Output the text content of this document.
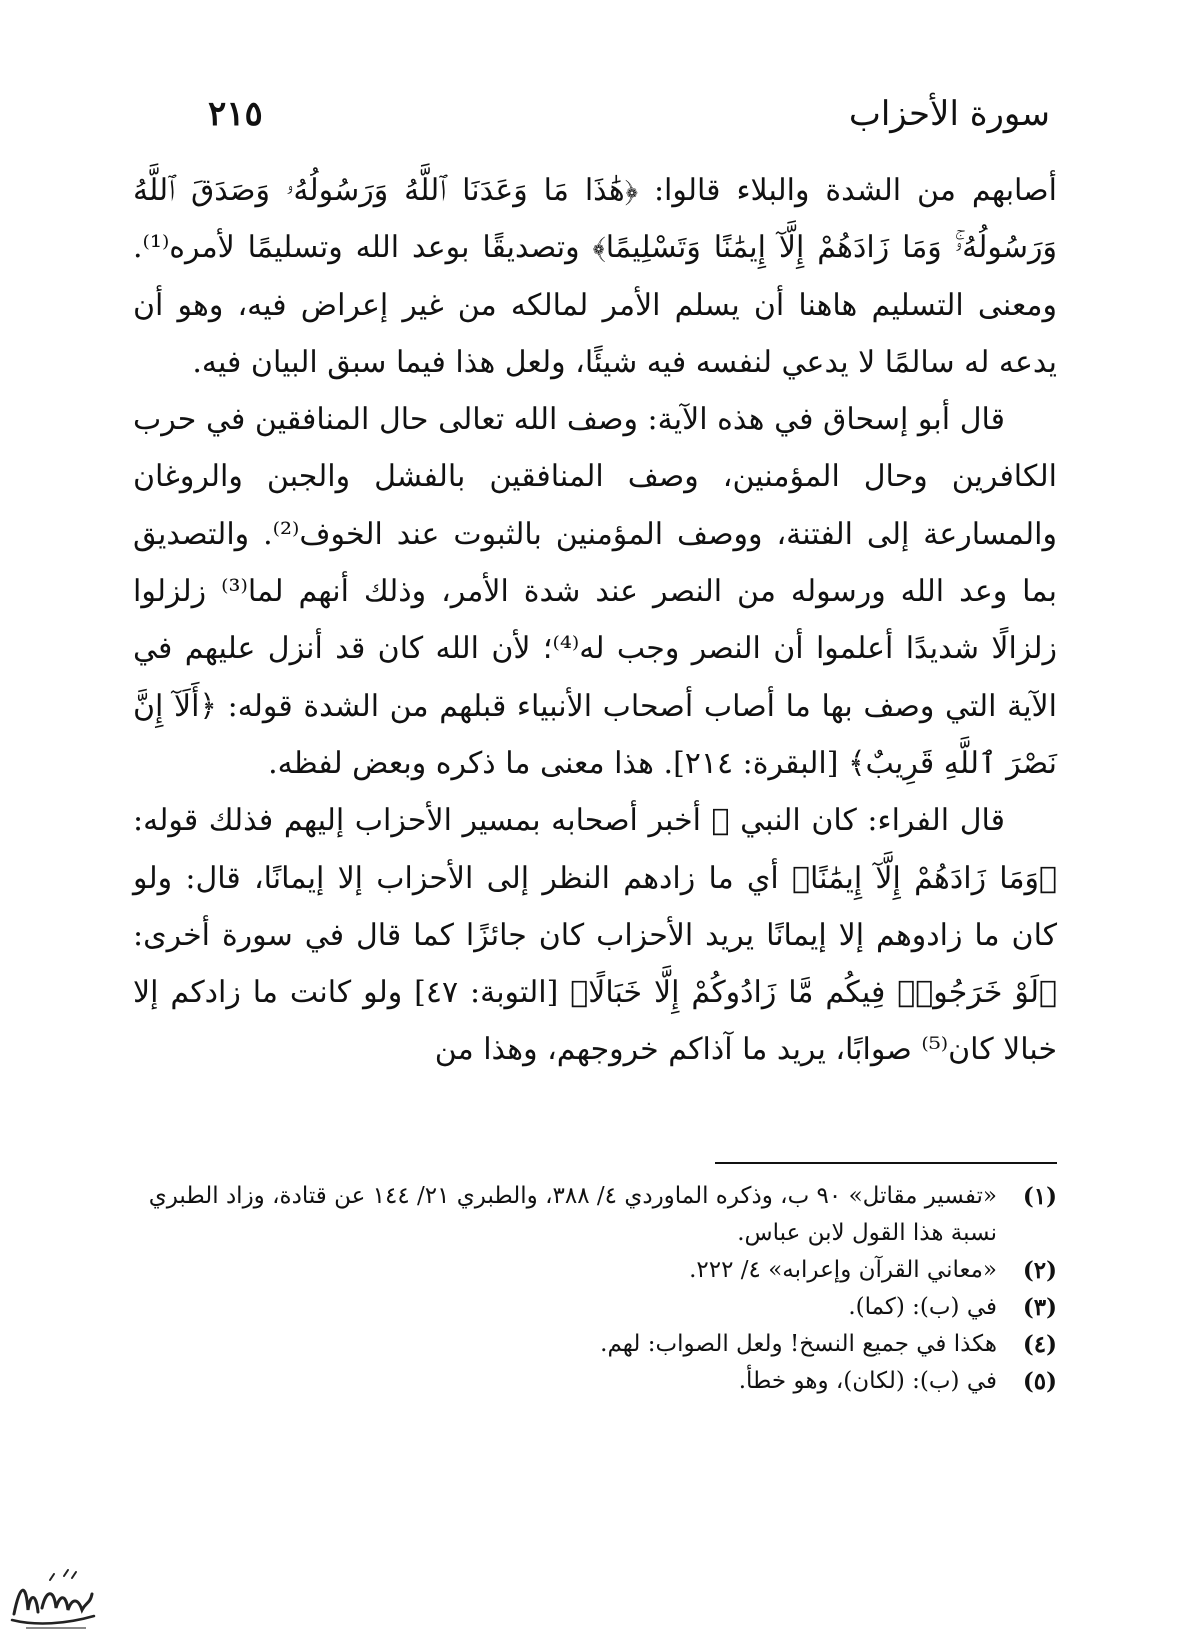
سورة الأحزاب
٢١٥

أصابهم من الشدة والبلاء قالوا: ﴿هَٰذَا مَا وَعَدَنَا ٱللَّهُ وَرَسُولُهُۥ وَصَدَقَ ٱللَّهُ وَرَسُولُهُۥۚ وَمَا زَادَهُمْ إِلَّآ إِيمَٰنًا وَتَسْلِيمًا﴾ وتصديقًا بوعد الله وتسليمًا لأمره⁽¹⁾. ومعنى التسليم هاهنا أن يسلم الأمر لمالكه من غير إعراض فيه، وهو أن يدعه له سالمًا لا يدعي لنفسه فيه شيئًا، ولعل هذا فيما سبق البيان فيه.

قال أبو إسحاق في هذه الآية: وصف الله تعالى حال المنافقين في حرب الكافرين وحال المؤمنين، وصف المنافقين بالفشل والجبن والروغان والمسارعة إلى الفتنة، ووصف المؤمنين بالثبوت عند الخوف⁽²⁾. والتصديق بما وعد الله ورسوله من النصر عند شدة الأمر، وذلك أنهم لما⁽³⁾ زلزلوا زلزالًا شديدًا أعلموا أن النصر وجب له⁽⁴⁾؛ لأن الله كان قد أنزل عليهم في الآية التي وصف بها ما أصاب أصحاب الأنبياء قبلهم من الشدة قوله: ﴿أَلَآ إِنَّ نَصْرَ ٱللَّهِ قَرِيبٌ﴾ [البقرة: ٢١٤]. هذا معنى ما ذكره وبعض لفظه.

قال الفراء: كان النبي ﷺ أخبر أصحابه بمسير الأحزاب إليهم فذلك قوله: ﴿وَمَا زَادَهُمْ إِلَّآ إِيمَٰنًا﴾ أي ما زادهم النظر إلى الأحزاب إلا إيمانًا، قال: ولو كان ما زادوهم إلا إيمانًا يريد الأحزاب كان جائزًا كما قال في سورة أخرى: ﴿لَوْ خَرَجُوا۟ فِيكُم مَّا زَادُوكُمْ إِلَّا خَبَالًا﴾ [التوبة: ٤٧] ولو كانت ما زادكم إلا خبالا كان⁽⁵⁾ صوابًا، يريد ما آذاكم خروجهم، وهذا من

(١)
«تفسير مقاتل» ٩٠ ب، وذكره الماوردي ٤/ ٣٨٨، والطبري ٢١/ ١٤٤ عن قتادة، وزاد الطبري نسبة هذا القول لابن عباس.
(٢)
«معاني القرآن وإعرابه» ٤/ ٢٢٢.
(٣)
في (ب): (كما).
(٤)
هكذا في جميع النسخ! ولعل الصواب: لهم.
(٥)
في (ب): (لكان)، وهو خطأ.
